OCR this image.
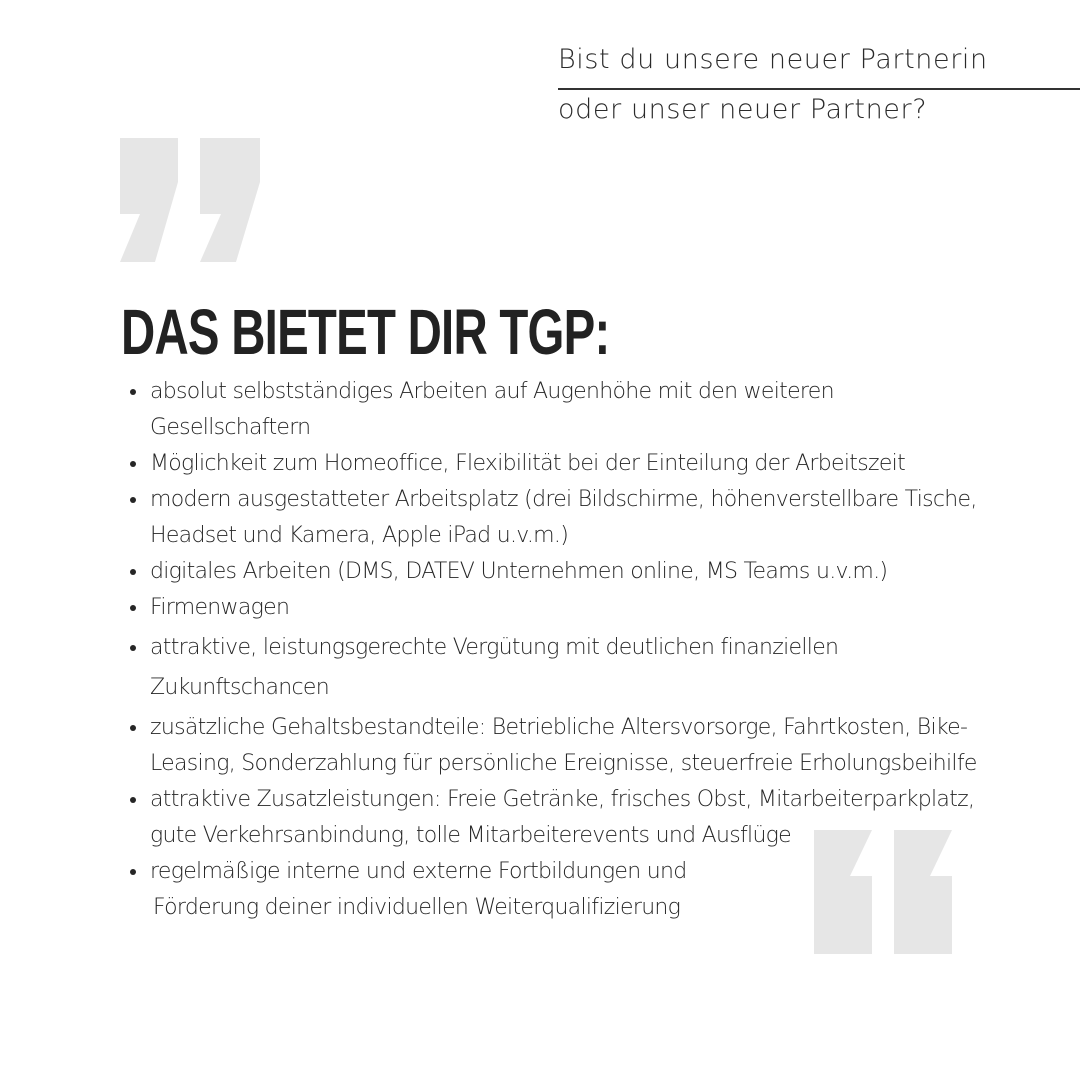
Bist du unsere neuer Partnerin
oder unser neuer Partner?
DAS BIETET DIR TGP:
absolut selbstständiges Arbeiten auf Augenhöhe mit den weiteren
Gesellschaftern
Möglichkeit zum Homeoffice, Flexibilität bei der Einteilung der Arbeitszeit
modern ausgestatteter Arbeitsplatz (drei Bildschirme, höhenverstellbare Tische,
Headset und Kamera, Apple iPad u.v.m.)
digitales Arbeiten (DMS, DATEV Unternehmen online, MS Teams u.v.m.)
Firmenwagen
attraktive, leistungsgerechte Vergütung mit deutlichen finanziellen
Zukunftschancen
zusätzliche Gehaltsbestandteile: Betriebliche Altersvorsorge, Fahrtkosten, Bike-
Leasing, Sonderzahlung für persönliche Ereignisse, steuerfreie Erholungsbeihilfe
attraktive Zusatzleistungen: Freie Getränke, frisches Obst, Mitarbeiterparkplatz,
gute Verkehrsanbindung, tolle Mitarbeiterevents und Ausflüge
regelmäßige interne und externe Fortbildungen und
Förderung deiner individuellen Weiterqualifizierung
